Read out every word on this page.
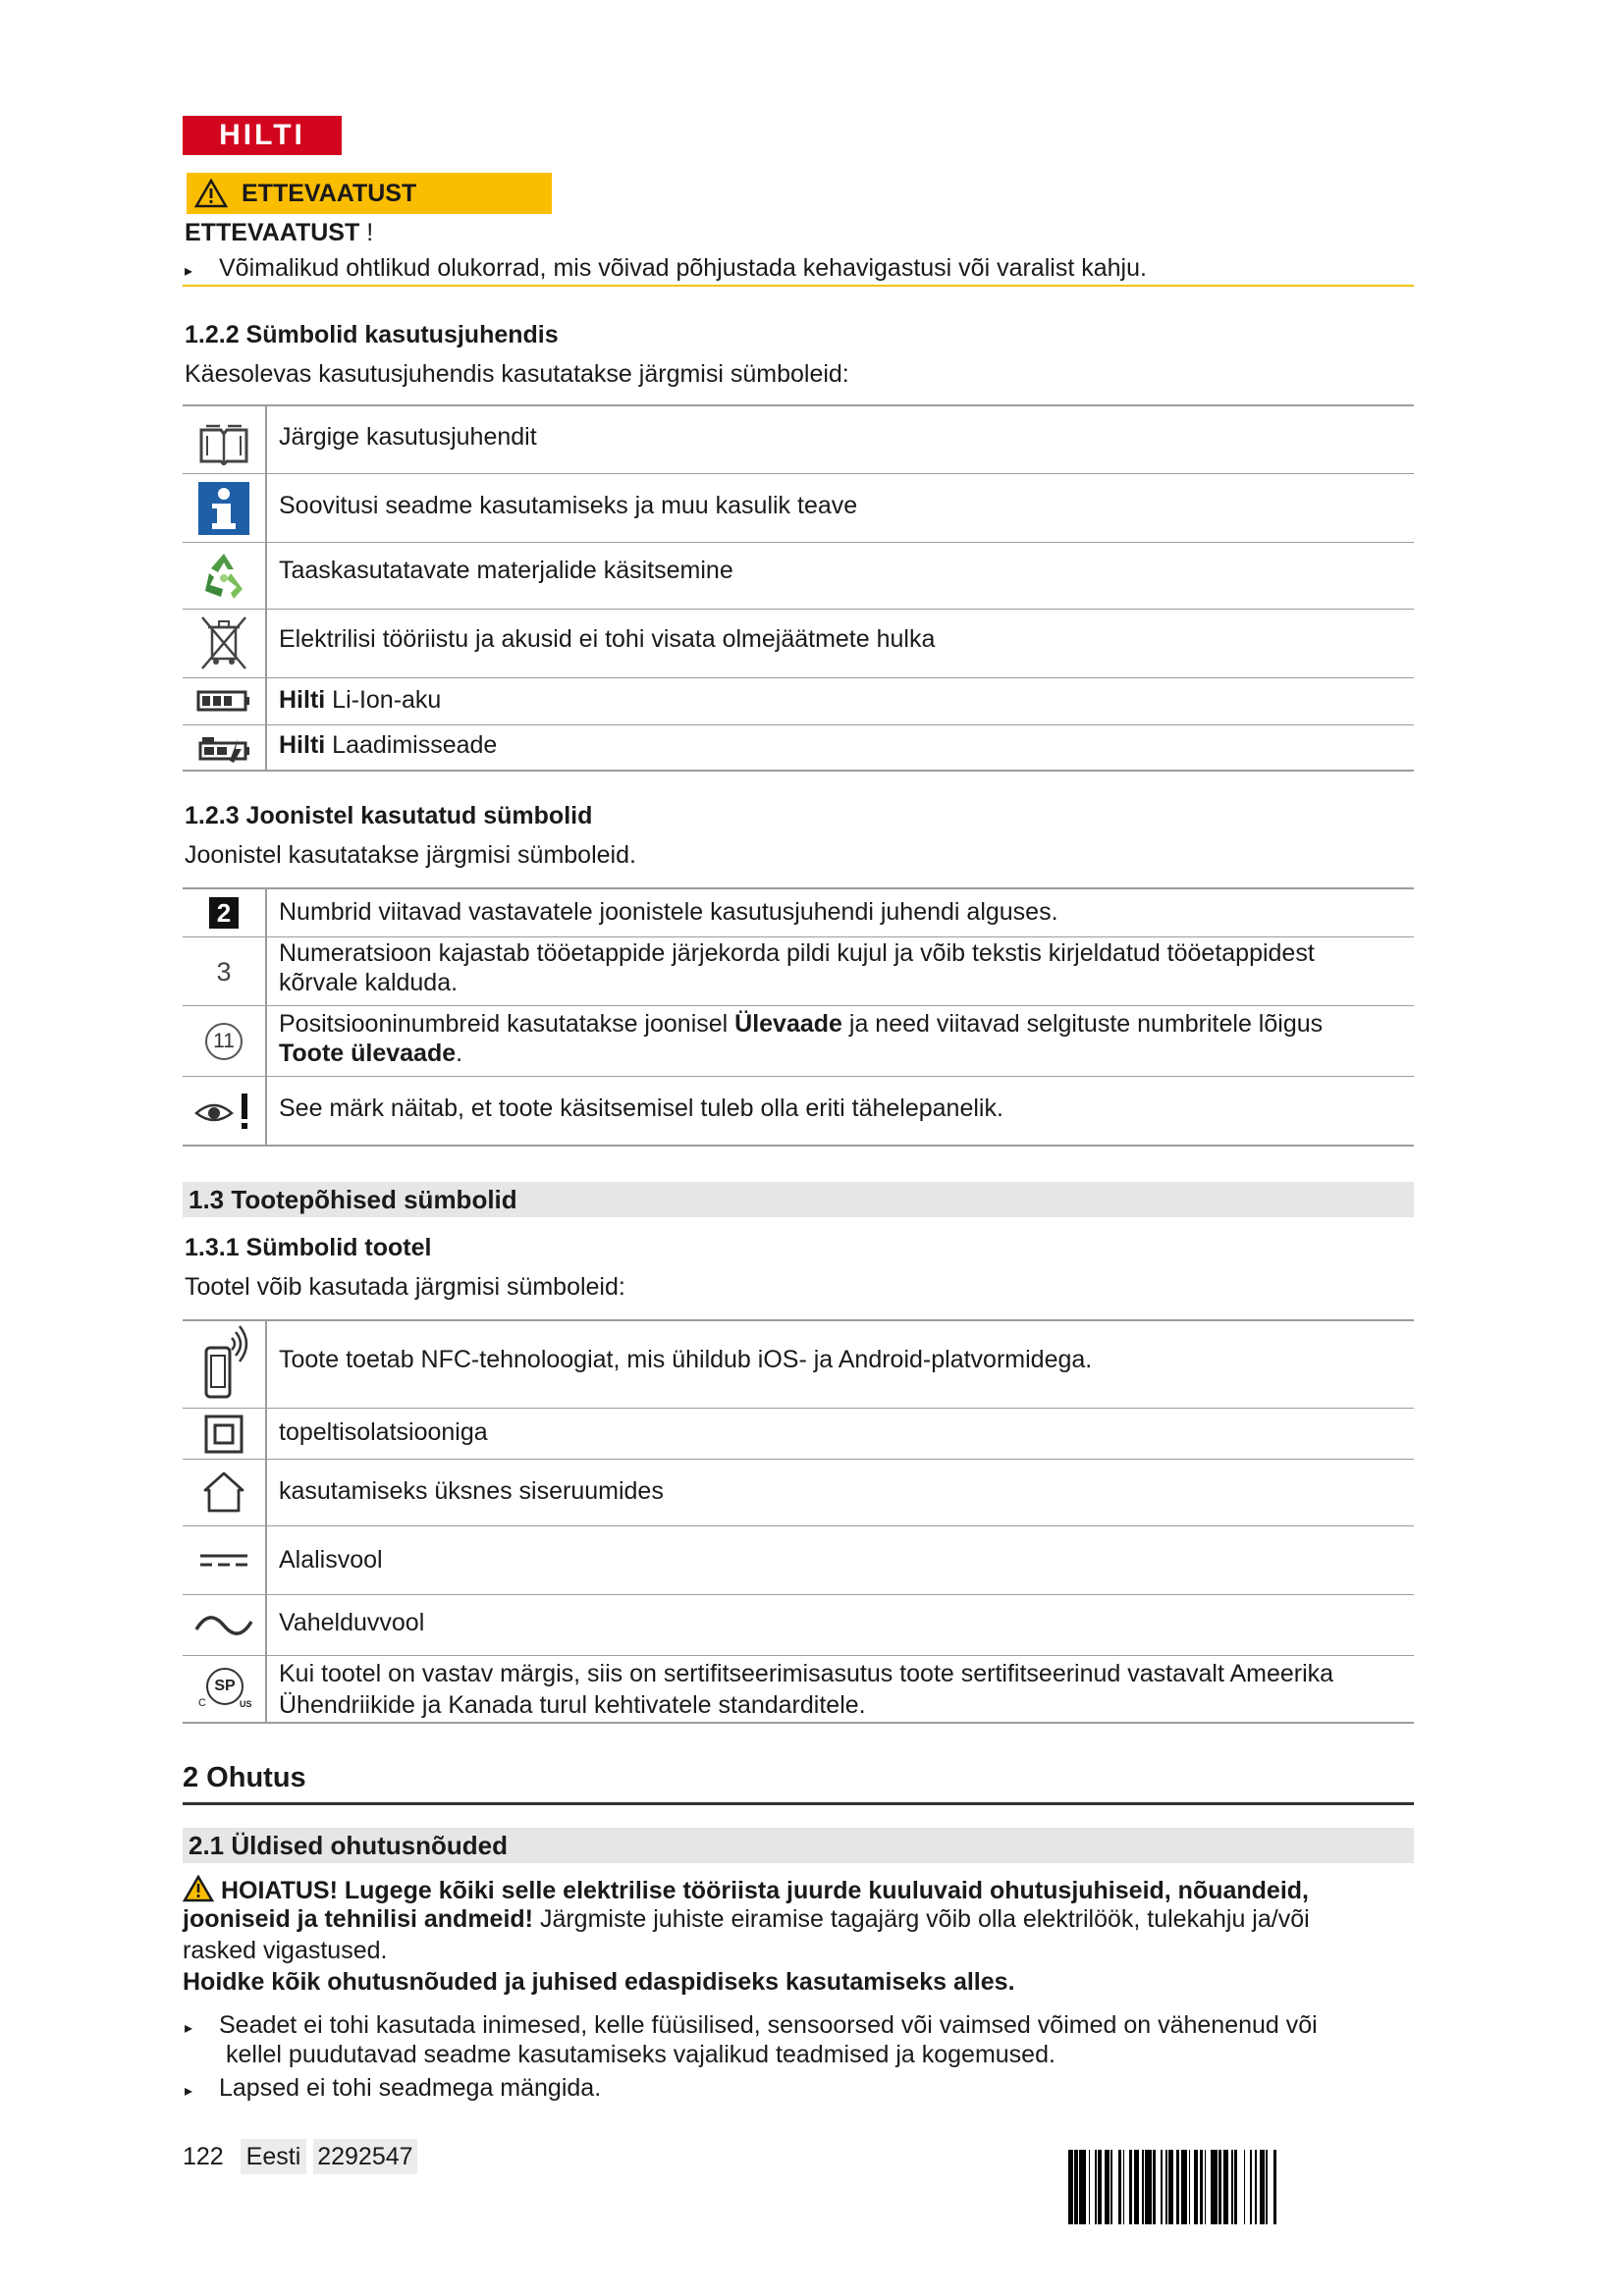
HILTI
ETTEVAATUST
ETTEVAATUST !
▸ Võimalikud ohtlikud olukorrad, mis võivad põhjustada kehavigastusi või varalist kahju.
1.2.2 Sümbolid kasutusjuhendis
Käesolevas kasutusjuhendis kasutatakse järgmisi sümboleid:
Järgige kasutusjuhendit
Soovitusi seadme kasutamiseks ja muu kasulik teave
Taaskasutatavate materjalide käsitsemine
Elektrilisi tööriistu ja akusid ei tohi visata olmejäätmete hulka
Hilti Li-Ion-aku
Hilti Laadimisseade
1.2.3 Joonistel kasutatud sümbolid
Joonistel kasutatakse järgmisi sümboleid.
2	Numbrid viitavad vastavatele joonistele kasutusjuhendi juhendi alguses.
3
Numeratsioon kajastab tööetappide järjekorda pildi kujul ja võib tekstis kirjeldatud tööetappidest
kõrvale kalduda.
11
Positsiooninumbreid kasutatakse joonisel Ülevaade ja need viitavad selgituste numbritele lõigus
Toote ülevaade.
See märk näitab, et toote käsitsemisel tuleb olla eriti tähelepanelik.
1.3 Tootepõhised sümbolid
1.3.1 Sümbolid tootel
Tootel võib kasutada järgmisi sümboleid:
Toote toetab NFC-tehnoloogiat, mis ühildub iOS- ja Android-platvormidega.
topeltisolatsiooniga
kasutamiseks üksnes siseruumides
Alalisvool
Vahelduvvool
SP
C	US
Kui tootel on vastav märgis, siis on sertifitseerimisasutus toote sertifitseerinud vastavalt Ameerika
Ühendriikide ja Kanada turul kehtivatele standarditele.
2 Ohutus
2.1 Üldised ohutusnõuded
HOIATUS! Lugege kõiki selle elektrilise tööriista juurde kuuluvaid ohutusjuhiseid, nõuandeid,
jooniseid ja tehnilisi andmeid! Järgmiste juhiste eiramise tagajärg võib olla elektrilöök, tulekahju ja/või
rasked vigastused.
Hoidke kõik ohutusnõuded ja juhised edaspidiseks kasutamiseks alles.
▸ Seadet ei tohi kasutada inimesed, kelle füüsilised, sensoorsed või vaimsed võimed on vähenenud või
kellel puudutavad seadme kasutamiseks vajalikud teadmised ja kogemused.
▸ Lapsed ei tohi seadmega mängida.
122 Eesti 2292547
